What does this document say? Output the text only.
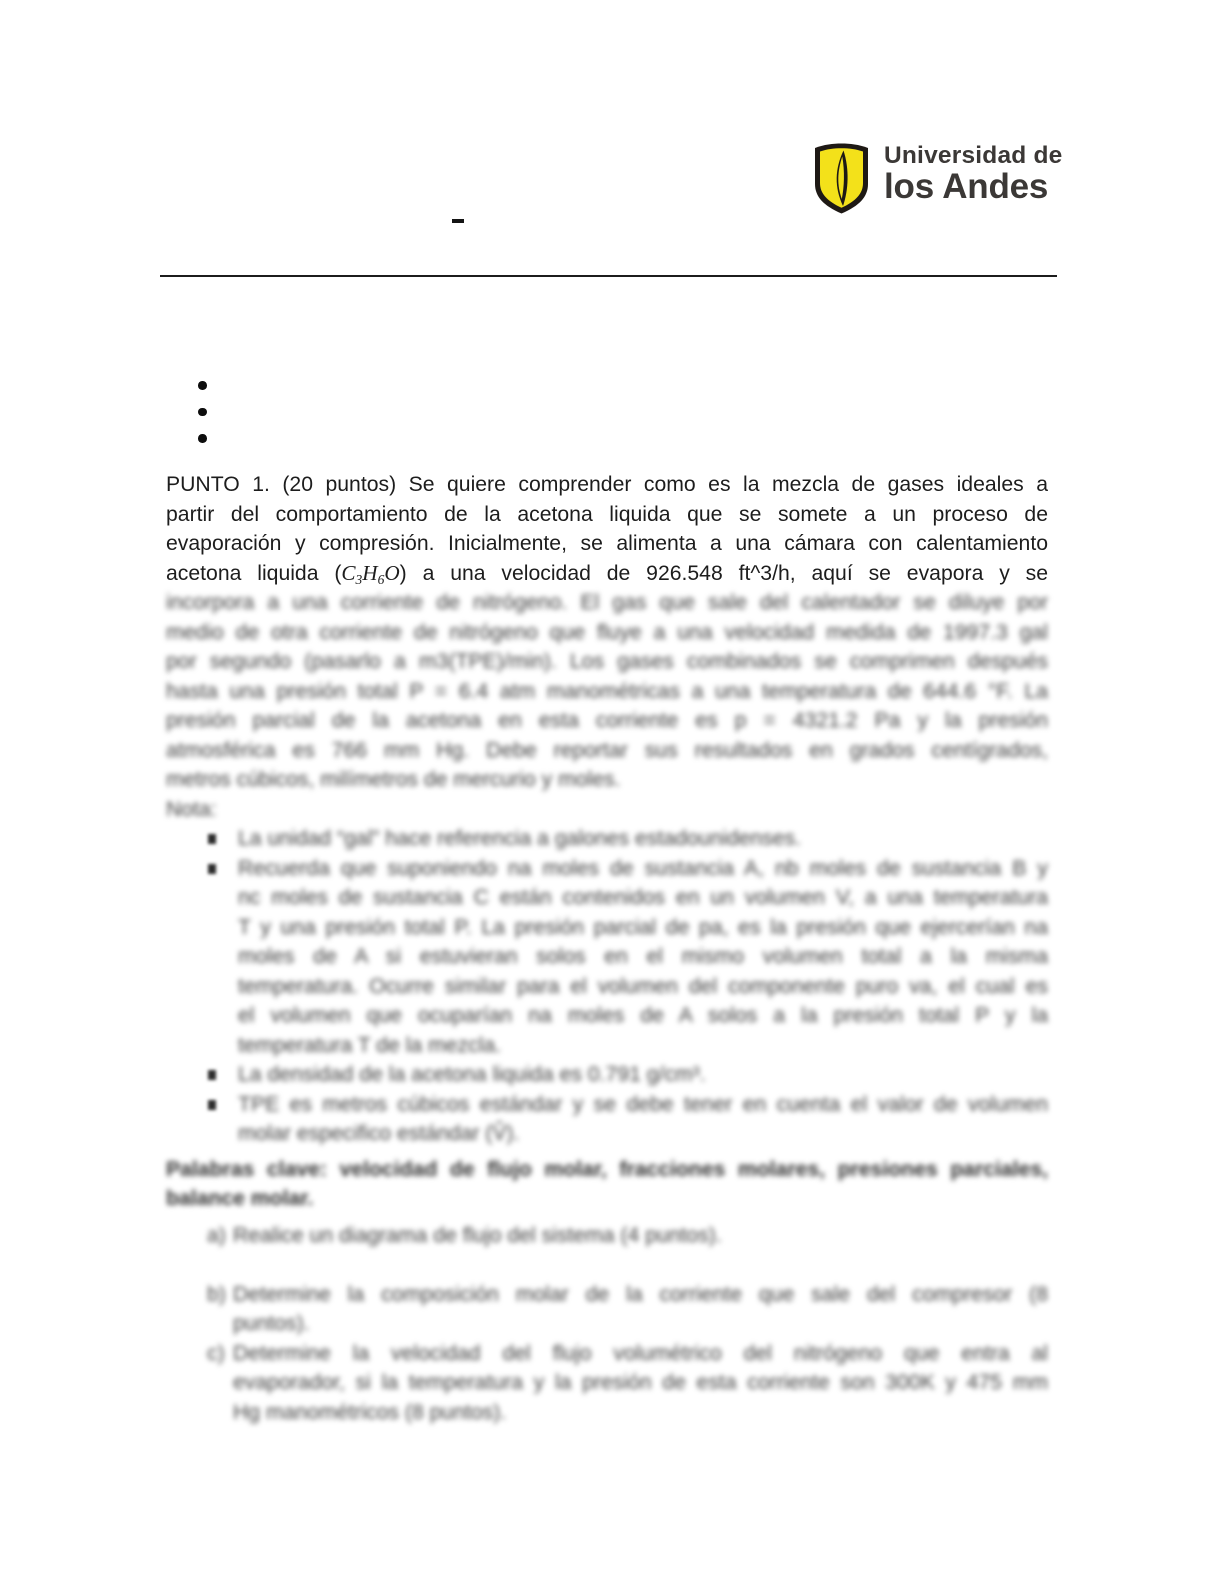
Universidad de
los Andes
PUNTO 1. (20 puntos) Se quiere comprender como es la mezcla de gases ideales a
partir del comportamiento de la acetona liquida que se somete a un proceso de
evaporación y compresión. Inicialmente, se alimenta a una cámara con calentamiento
acetona liquida (C3H6O) a una velocidad de 926.548 ft^3/h, aquí se evapora y se
incorpora a una corriente de nitrógeno. El gas que sale del calentador se diluye por
medio de otra corriente de nitrógeno que fluye a una velocidad medida de 1997.3 gal
por segundo (pasarlo a m3(TPE)/min). Los gases combinados se comprimen después
hasta una presión total P = 6.4 atm manométricas a una temperatura de 644.6 °F. La
presión parcial de la acetona en esta corriente es p = 4321.2 Pa y la presión
atmosférica es 766 mm Hg. Debe reportar sus resultados en grados centígrados,
metros cúbicos, milímetros de mercurio y moles.
Nota:
La unidad “gal” hace referencia a galones estadounidenses.
Recuerda que suponiendo na moles de sustancia A, nb moles de sustancia B y
nc moles de sustancia C están contenidos en un volumen V, a una temperatura
T y una presión total P. La presión parcial de pa, es la presión que ejercerían na
moles de A si estuvieran solos en el mismo volumen total a la misma
temperatura. Ocurre similar para el volumen del componente puro va, el cual es
el volumen que ocuparían na moles de A solos a la presión total P y la
temperatura T de la mezcla.
La densidad de la acetona liquida es 0.791 g/cm³.
TPE es metros cúbicos estándar y se debe tener en cuenta el valor de volumen
molar especifico estándar (V̂).
Palabras clave: velocidad de flujo molar, fracciones molares, presiones parciales,
balance molar.
a) Realice un diagrama de flujo del sistema (4 puntos).
b) Determine la composición molar de la corriente que sale del compresor (8
puntos).
c) Determine la velocidad del flujo volumétrico del nitrógeno que entra al
evaporador, si la temperatura y la presión de esta corriente son 300K y 475 mm
Hg manométricos (8 puntos).
